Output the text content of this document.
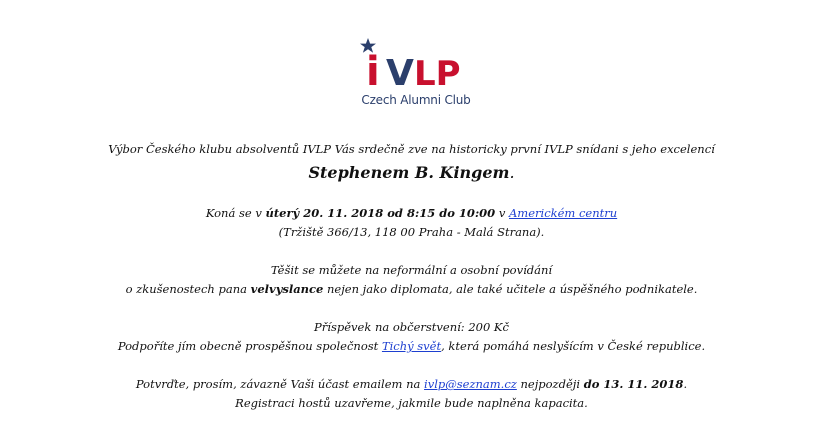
i V LP
Czech Alumni Club
Výbor Českého klubu absolventů IVLP Vás srdečně zve na historicky první IVLP snídani s jeho excelencí
Stephenem B. Kingem.
Koná se v úterý 20. 11. 2018 od 8:15 do 10:00 v Americkém centru
(Tržiště 366/13, 118 00 Praha - Malá Strana).
Těšit se můžete na neformální a osobní povídání
o zkušenostech pana velvyslance nejen jako diplomata, ale také učitele a úspěšného podnikatele.
Příspěvek na občerstvení: 200 Kč
Podpoříte jím obecně prospěšnou společnost Tichý svět, která pomáhá neslyšícím v České republice.
Potvrďte, prosím, závazně Vaši účast emailem na ivlp@seznam.cz nejpozději do 13. 11. 2018.
Registraci hostů uzavřeme, jakmile bude naplněna kapacita.
